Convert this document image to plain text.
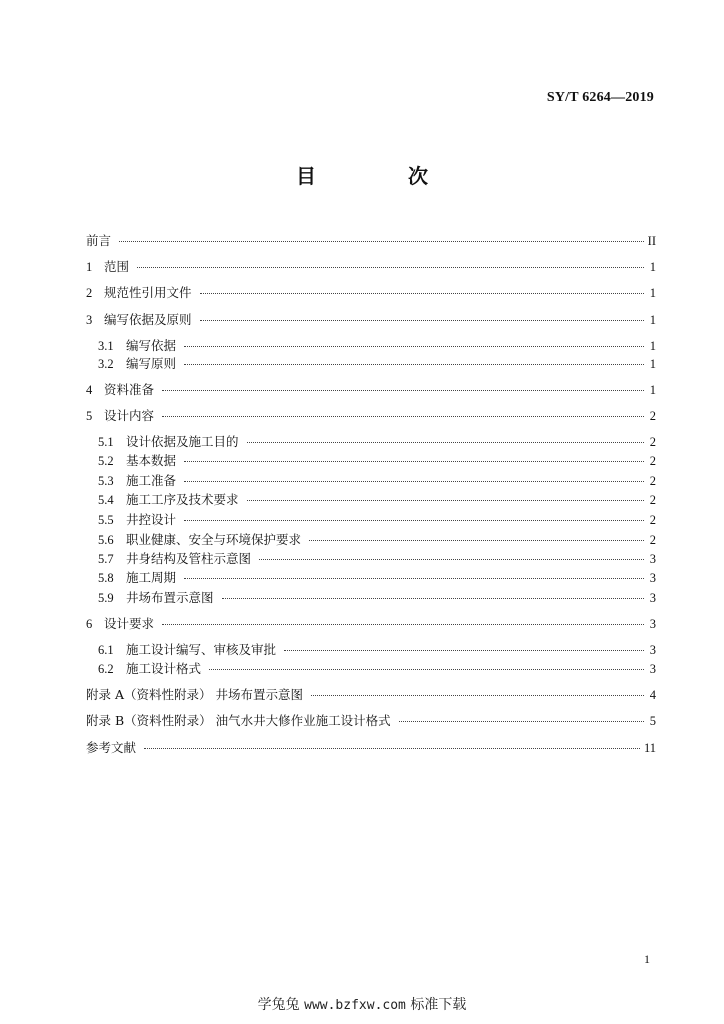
SY/T 6264—2019
目　次
前言	II
1 范围	1
2 规范性引用文件	1
3 编写依据及原则	1
3.1 编写依据	1
3.2 编写原则	1
4 资料准备	1
5 设计内容	2
5.1 设计依据及施工目的	2
5.2 基本数据	2
5.3 施工准备	2
5.4 施工工序及技术要求	2
5.5 井控设计	2
5.6 职业健康、安全与环境保护要求	2
5.7 井身结构及管柱示意图	3
5.8 施工周期	3
5.9 井场布置示意图	3
6 设计要求	3
6.1 施工设计编写、审核及审批	3
6.2 施工设计格式	3
附录 A（资料性附录） 井场布置示意图	4
附录 B（资料性附录） 油气水井大修作业施工设计格式	5
参考文献	11
1
学兔兔 www.bzfxw.com 标准下载
